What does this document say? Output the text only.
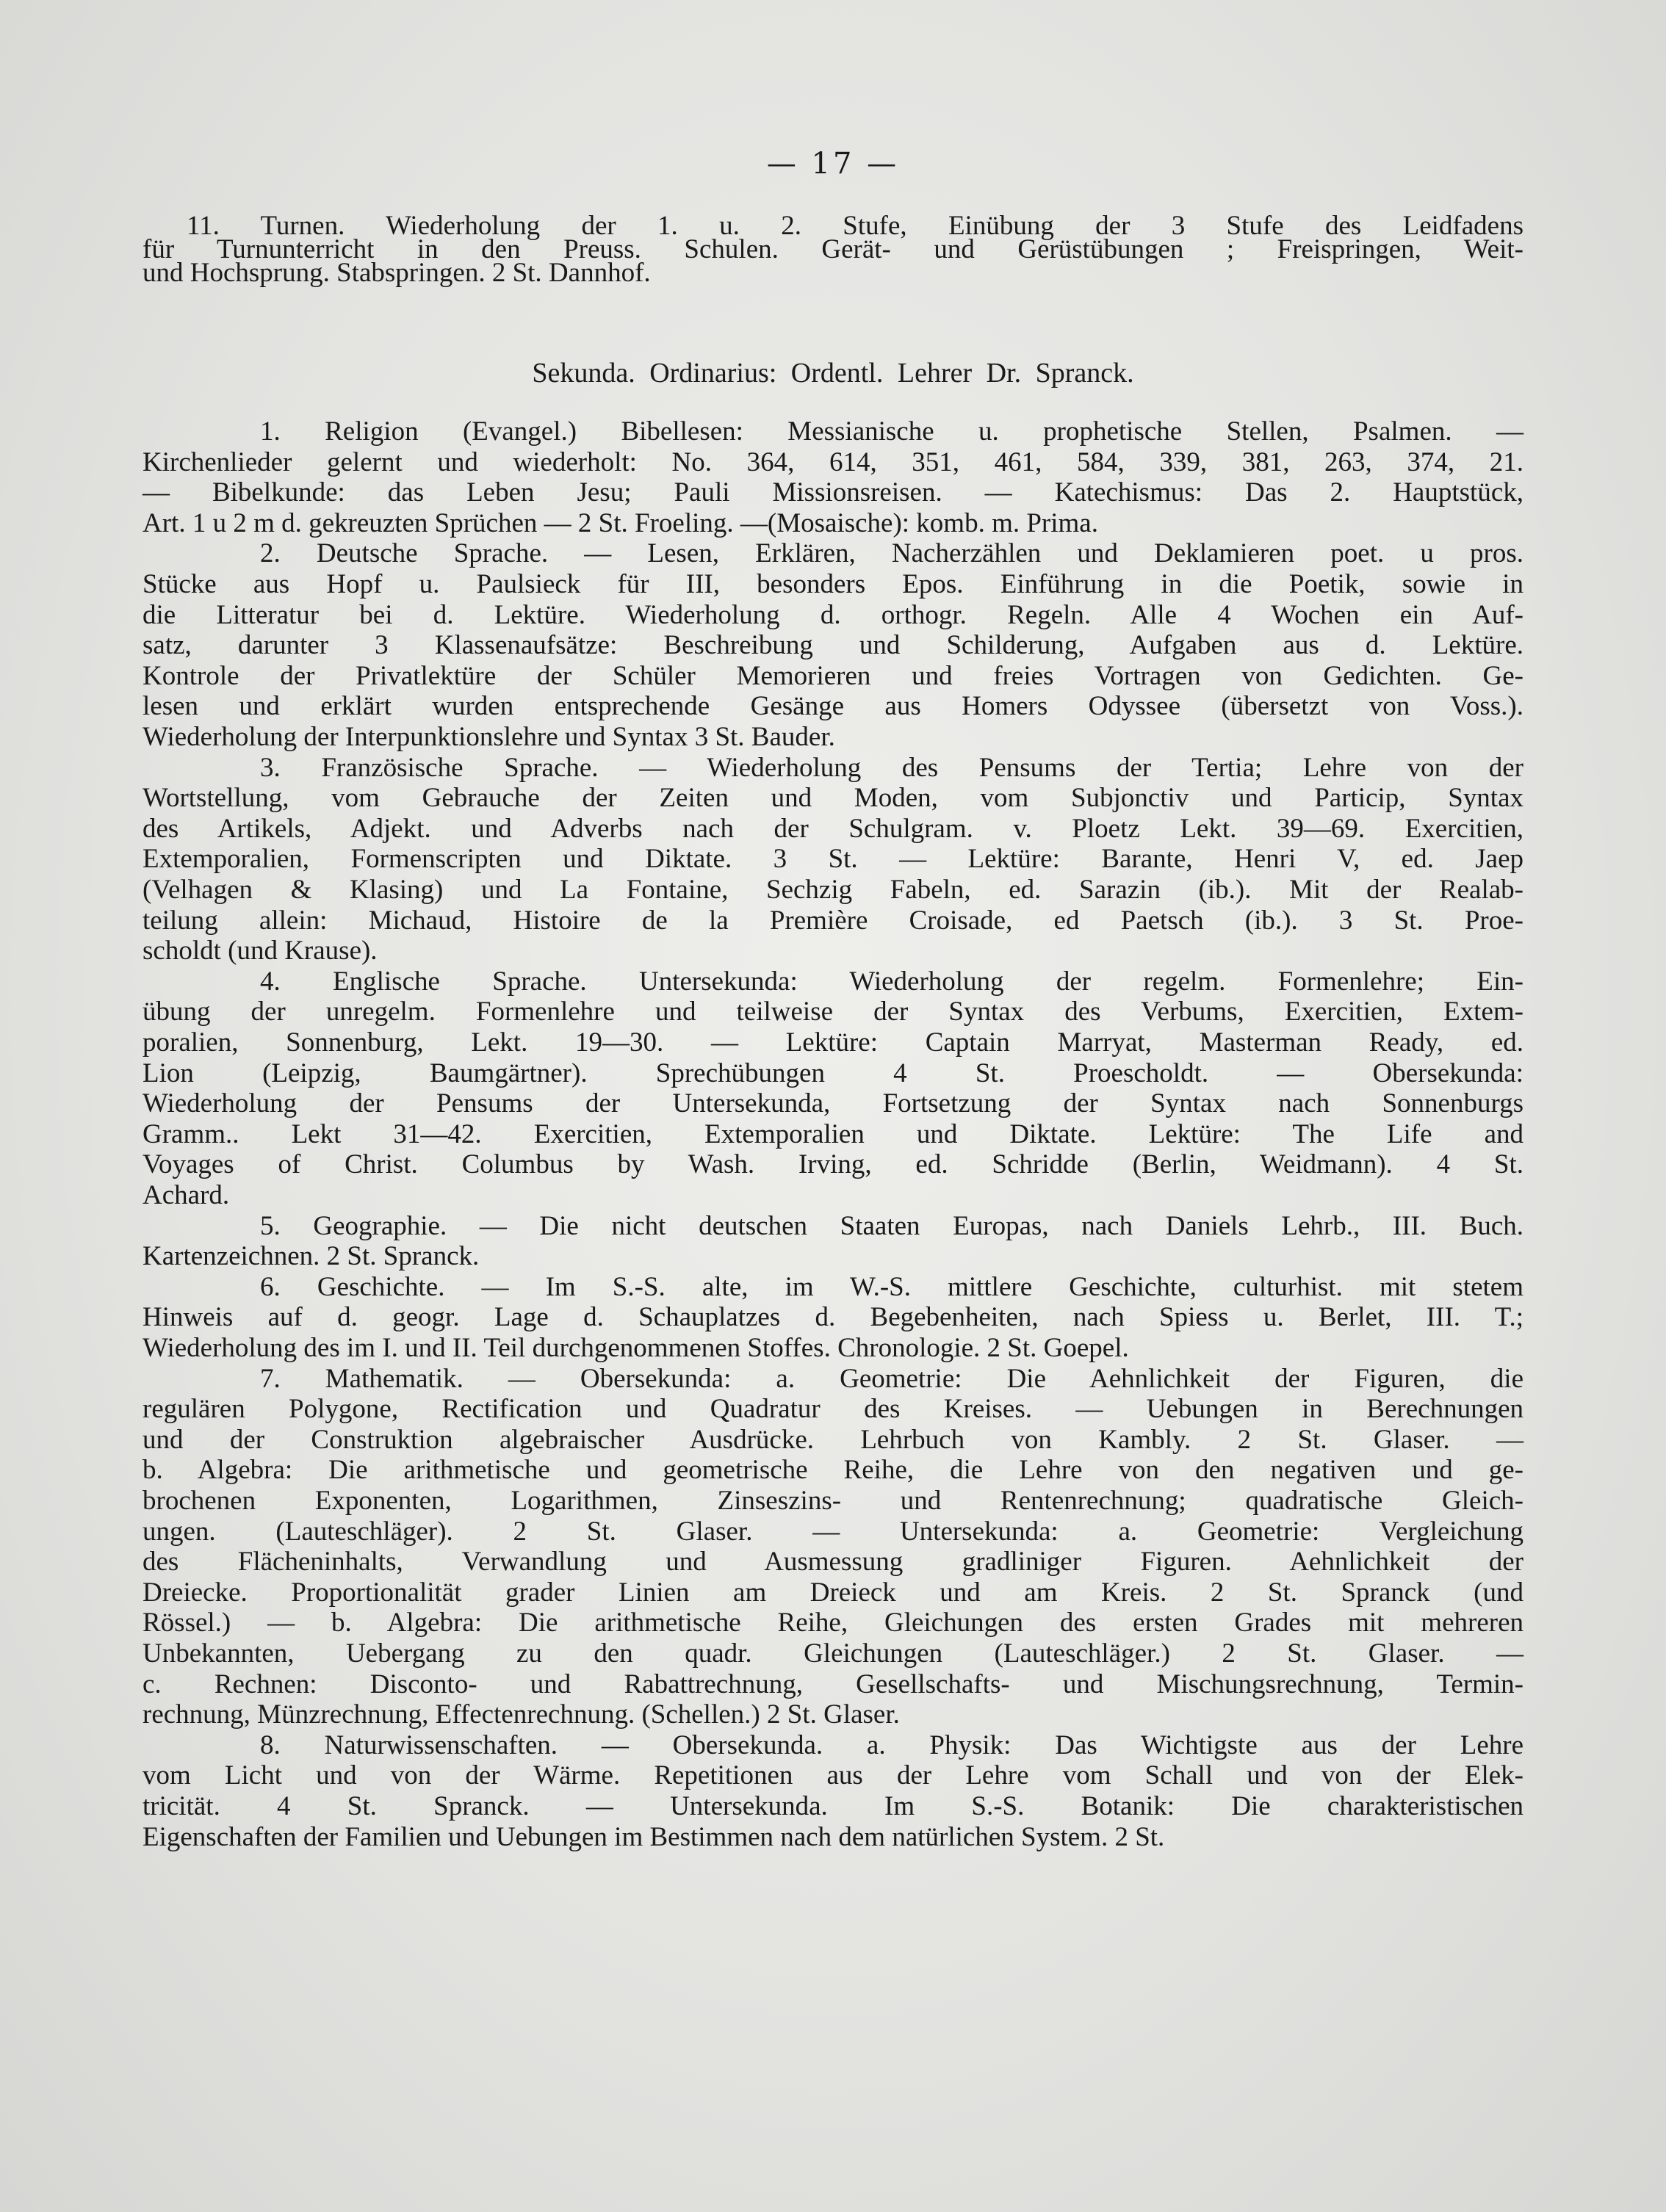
— 17 —
11. Turnen. Wiederholung der 1. u. 2. Stufe, Einübung der 3 Stufe des Leidfadens
für Turnunterricht in den Preuss. Schulen. Gerät- und Gerüstübungen ; Freispringen, Weit-
und Hochsprung. Stabspringen. 2 St. Dannhof.
Sekunda. Ordinarius: Ordentl. Lehrer Dr. Spranck.
1. Religion (Evangel.) Bibellesen: Messianische u. prophetische Stellen, Psalmen. —
Kirchenlieder gelernt und wiederholt: No. 364, 614, 351, 461, 584, 339, 381, 263, 374, 21.
— Bibelkunde: das Leben Jesu; Pauli Missionsreisen. — Katechismus: Das 2. Hauptstück,
Art. 1 u 2 m d. gekreuzten Sprüchen — 2 St. Froeling. —(Mosaische): komb. m. Prima.
2. Deutsche Sprache. — Lesen, Erklären, Nacherzählen und Deklamieren poet. u pros.
Stücke aus Hopf u. Paulsieck für III, besonders Epos. Einführung in die Poetik, sowie in
die Litteratur bei d. Lektüre. Wiederholung d. orthogr. Regeln. Alle 4 Wochen ein Auf-
satz, darunter 3 Klassenaufsätze: Beschreibung und Schilderung, Aufgaben aus d. Lektüre.
Kontrole der Privatlektüre der Schüler Memorieren und freies Vortragen von Gedichten. Ge-
lesen und erklärt wurden entsprechende Gesänge aus Homers Odyssee (übersetzt von Voss.).
Wiederholung der Interpunktionslehre und Syntax 3 St. Bauder.
3. Französische Sprache. — Wiederholung des Pensums der Tertia; Lehre von der
Wortstellung, vom Gebrauche der Zeiten und Moden, vom Subjonctiv und Particip, Syntax
des Artikels, Adjekt. und Adverbs nach der Schulgram. v. Ploetz Lekt. 39—69. Exercitien,
Extemporalien, Formenscripten und Diktate. 3 St. — Lektüre: Barante, Henri V, ed. Jaep
(Velhagen & Klasing) und La Fontaine, Sechzig Fabeln, ed. Sarazin (ib.). Mit der Realab-
teilung allein: Michaud, Histoire de la Première Croisade, ed Paetsch (ib.). 3 St. Proe-
scholdt (und Krause).
4. Englische Sprache. Untersekunda: Wiederholung der regelm. Formenlehre; Ein-
übung der unregelm. Formenlehre und teilweise der Syntax des Verbums, Exercitien, Extem-
poralien, Sonnenburg, Lekt. 19—30. — Lektüre: Captain Marryat, Masterman Ready, ed.
Lion (Leipzig, Baumgärtner). Sprechübungen 4 St. Proescholdt. — Obersekunda:
Wiederholung der Pensums der Untersekunda, Fortsetzung der Syntax nach Sonnenburgs
Gramm.. Lekt 31—42. Exercitien, Extemporalien und Diktate. Lektüre: The Life and
Voyages of Christ. Columbus by Wash. Irving, ed. Schridde (Berlin, Weidmann). 4 St.
Achard.
5. Geographie. — Die nicht deutschen Staaten Europas, nach Daniels Lehrb., III. Buch.
Kartenzeichnen. 2 St. Spranck.
6. Geschichte. — Im S.-S. alte, im W.-S. mittlere Geschichte, culturhist. mit stetem
Hinweis auf d. geogr. Lage d. Schauplatzes d. Begebenheiten, nach Spiess u. Berlet, III. T.;
Wiederholung des im I. und II. Teil durchgenommenen Stoffes. Chronologie. 2 St. Goepel.
7. Mathematik. — Obersekunda: a. Geometrie: Die Aehnlichkeit der Figuren, die
regulären Polygone, Rectification und Quadratur des Kreises. — Uebungen in Berechnungen
und der Construktion algebraischer Ausdrücke. Lehrbuch von Kambly. 2 St. Glaser. —
b. Algebra: Die arithmetische und geometrische Reihe, die Lehre von den negativen und ge-
brochenen Exponenten, Logarithmen, Zinseszins- und Rentenrechnung; quadratische Gleich-
ungen. (Lauteschläger). 2 St. Glaser. — Untersekunda: a. Geometrie: Vergleichung
des Flächeninhalts, Verwandlung und Ausmessung gradliniger Figuren. Aehnlichkeit der
Dreiecke. Proportionalität grader Linien am Dreieck und am Kreis. 2 St. Spranck (und
Rössel.) — b. Algebra: Die arithmetische Reihe, Gleichungen des ersten Grades mit mehreren
Unbekannten, Uebergang zu den quadr. Gleichungen (Lauteschläger.) 2 St. Glaser. —
c. Rechnen: Disconto- und Rabattrechnung, Gesellschafts- und Mischungsrechnung, Termin-
rechnung, Münzrechnung, Effectenrechnung. (Schellen.) 2 St. Glaser.
8. Naturwissenschaften. — Obersekunda. a. Physik: Das Wichtigste aus der Lehre
vom Licht und von der Wärme. Repetitionen aus der Lehre vom Schall und von der Elek-
tricität. 4 St. Spranck. — Untersekunda. Im S.-S. Botanik: Die charakteristischen
Eigenschaften der Familien und Uebungen im Bestimmen nach dem natürlichen System. 2 St.
